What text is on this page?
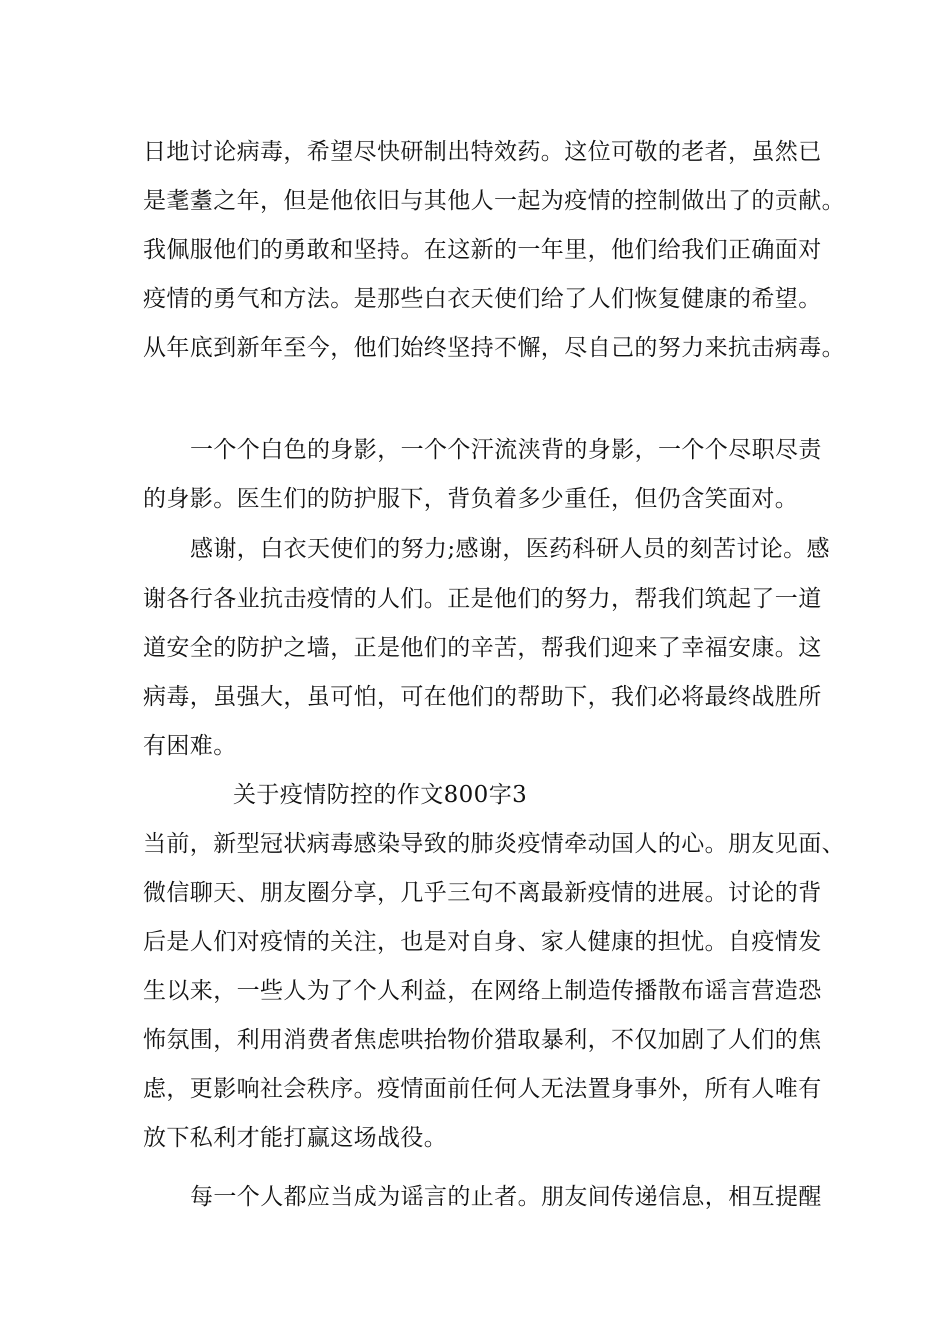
日地讨论病毒，希望尽快研制出特效药。这位可敬的老者，虽然已
是耄耋之年，但是他依旧与其他人一起为疫情的控制做出了的贡献。
我佩服他们的勇敢和坚持。在这新的一年里，他们给我们正确面对
疫情的勇气和方法。是那些白衣天使们给了人们恢复健康的希望。
从年底到新年至今，他们始终坚持不懈，尽自己的努力来抗击病毒。
一个个白色的身影，一个个汗流浃背的身影，一个个尽职尽责
的身影。医生们的防护服下，背负着多少重任，但仍含笑面对。
感谢，白衣天使们的努力;感谢，医药科研人员的刻苦讨论。感
谢各行各业抗击疫情的人们。正是他们的努力，帮我们筑起了一道
道安全的防护之墙，正是他们的辛苦，帮我们迎来了幸福安康。这
病毒，虽强大，虽可怕，可在他们的帮助下，我们必将最终战胜所
有困难。
关于疫情防控的作文800字3
当前，新型冠状病毒感染导致的肺炎疫情牵动国人的心。朋友见面、
微信聊天、朋友圈分享，几乎三句不离最新疫情的进展。讨论的背
后是人们对疫情的关注，也是对自身、家人健康的担忧。自疫情发
生以来，一些人为了个人利益，在网络上制造传播散布谣言营造恐
怖氛围，利用消费者焦虑哄抬物价猎取暴利，不仅加剧了人们的焦
虑，更影响社会秩序。疫情面前任何人无法置身事外，所有人唯有
放下私利才能打赢这场战役。
每一个人都应当成为谣言的止者。朋友间传递信息，相互提醒
